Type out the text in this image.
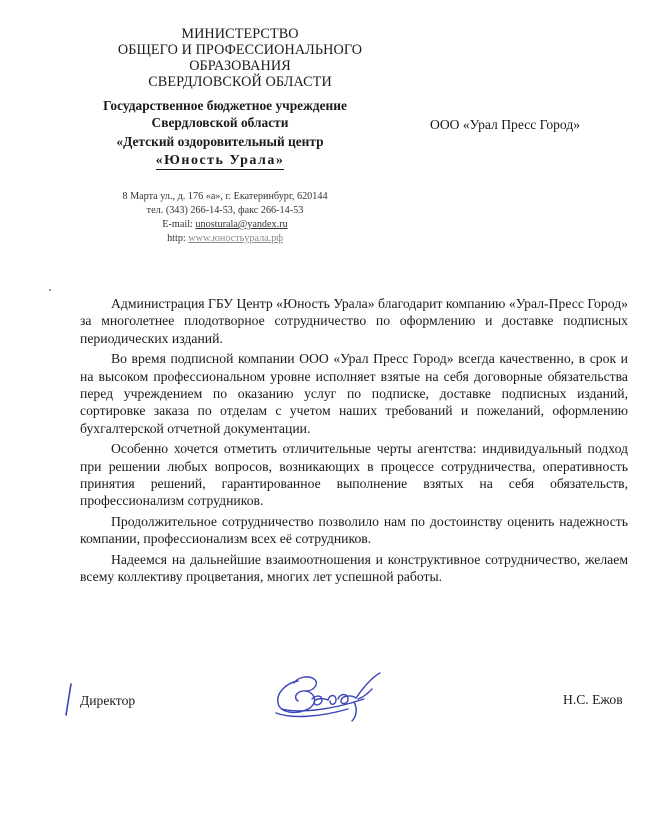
МИНИСТЕРСТВО
ОБЩЕГО И ПРОФЕССИОНАЛЬНОГО
ОБРАЗОВАНИЯ
СВЕРДЛОВСКОЙ ОБЛАСТИ
Государственное бюджетное учреждение
Свердловской области
«Детский оздоровительный центр
«Юность Урала»
8 Марта ул., д. 176 «а», г. Екатеринбург, 620144
тел. (343) 266-14-53, факс 266-14-53
E-mail: unosturala@yandex.ru
http: www.юностьурала.рф
ООО «Урал Пресс Город»

Администрация ГБУ Центр «Юность Урала» благодарит компанию «Урал-Пресс Город» за многолетнее плодотворное сотрудничество по оформлению и доставке подписных периодических изданий.

Во время подписной компании ООО «Урал Пресс Город» всегда качественно, в срок и на высоком профессиональном уровне исполняет взятые на себя договорные обязательства перед учреждением по оказанию услуг по подписке, доставке подписных изданий, сортировке заказа по отделам с учетом наших требований и пожеланий, оформлению бухгалтерской отчетной документации.

Особенно хочется отметить отличительные черты агентства: индивидуальный подход при решении любых вопросов, возникающих в процессе сотрудничества, оперативность принятия решений, гарантированное выполнение взятых на себя обязательств, профессионализм сотрудников.

Продолжительное сотрудничество позволило нам по достоинству оценить надежность компании, профессионализм всех её сотрудников.

Надеемся на дальнейшие взаимоотношения и конструктивное сотрудничество, желаем всему коллективу процветания, многих лет успешной работы.

Директор	Н.С. Ежов
